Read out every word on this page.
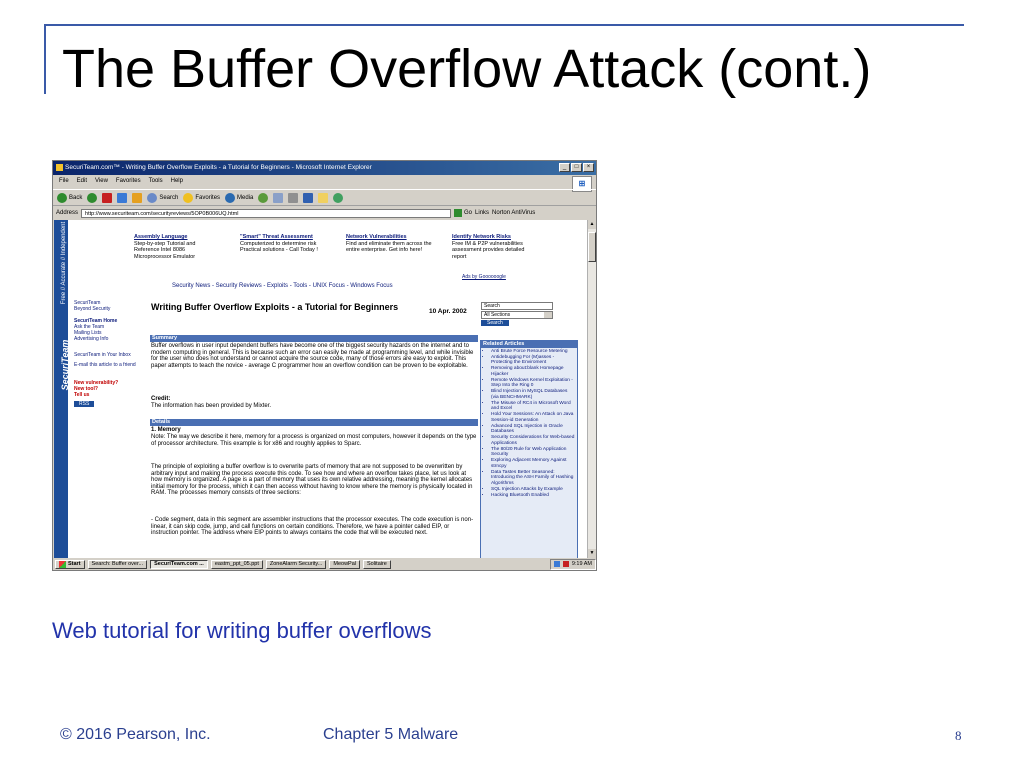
The Buffer Overflow Attack (cont.)
SecuriTeam.com™ - Writing Buffer Overflow Exploits - a Tutorial for Beginners - Microsoft Internet Explorer	_	□	×
File Edit View Favorites Tools Help	⊞
Back	Search	Favorites	Media
Address	http://www.securiteam.com/securityreviews/5OP0B006UQ.html	Go Links Norton AntiVirus
Free // Accurate // Independent
SecuriTeam
Assembly Language
Step-by-step Tutorial and Reference Intel 8086 Microprocessor Emulator
"Smart" Threat Assessment
Computerized to determine risk Practical solutions - Call Today !
Network Vulnerabilities
Find and eliminate them across the entire enterprise. Get info here!
Identify Network Risks
Free IM & P2P vulnerabilities assessment provides detailed report
Ads by Goooooogle
Security News - Security Reviews - Exploits - Tools - UNIX Focus - Windows Focus
SecuriTeam
Beyond Security
SecuriTeam Home
Ask the Team
Mailing Lists
Advertising Info
SecuriTeam in Your Inbox
E-mail this article to a friend
New vulnerability?
New tool?
Tell us
RSS
Writing Buffer Overflow Exploits - a Tutorial for Beginners	10 Apr. 2002
Search
All Sections
Search
Summary
Buffer overflows in user input dependent buffers have become one of the biggest security hazards on the internet and to modern computing in general. This is because such an error can easily be made at programming level, and while invisible for the user who does not understand or cannot acquire the source code, many of those errors are easy to exploit. This paper attempts to teach the novice - average C programmer how an overflow condition can be proven to be exploitable.
Credit:
The information has been provided by Mixter.
Details
1. Memory
Note: The way we describe it here, memory for a process is organized on most computers, however it depends on the type of processor architecture. This example is for x86 and roughly applies to Sparc.
The principle of exploiting a buffer overflow is to overwrite parts of memory that are not supposed to be overwritten by arbitrary input and making the process execute this code. To see how and where an overflow takes place, let us look at how memory is organized. A page is a part of memory that uses its own relative addressing, meaning the kernel allocates initial memory for the process, which it can then access without having to know where the memory is physically located in RAM. The processes memory consists of three sections:
- Code segment, data in this segment are assembler instructions that the processor executes. The code execution is non-linear, it can skip code, jump, and call functions on certain conditions. Therefore, we have a pointer called EIP, or instruction pointer. The address where EIP points to always contains the code that will be executed next.
Related Articles
• Anti Brute Force Resource Metering
• Antidebugging For (M)asses - Protecting the Enviroment
• Removing about:blank Homepage Hijacker
• Remote Windows Kernel Exploitation - Step Into the Ring 0
• Blind Injection in MySQL Databases (via BENCHMARK)
• The Misuse of RC4 in Microsoft Word and Excel
• Hold Your Sessions: An Attack on Java Session-id Generation
• Advanced SQL Injection in Oracle Databases
• Security Considerations for Web-based Applications
• The 80/20 Rule for Web Application Security
• Exploring Adjacent Memory Against strncpy
• Data Tastes Better Seasoned: Introducing the ASH Family of Hashing Algorithms
• SQL Injection Attacks by Example
• Hacking Bluetooth Enabled
▲
▼
Start	Search: Buffer over...	SecuriTeam.com ...	eastm_ppt_05.ppt	ZoneAlarm Security...	MeowPal	Solitaire	9:19 AM
Web tutorial for writing buffer overflows
© 2016 Pearson, Inc.	Chapter 5 Malware	8
